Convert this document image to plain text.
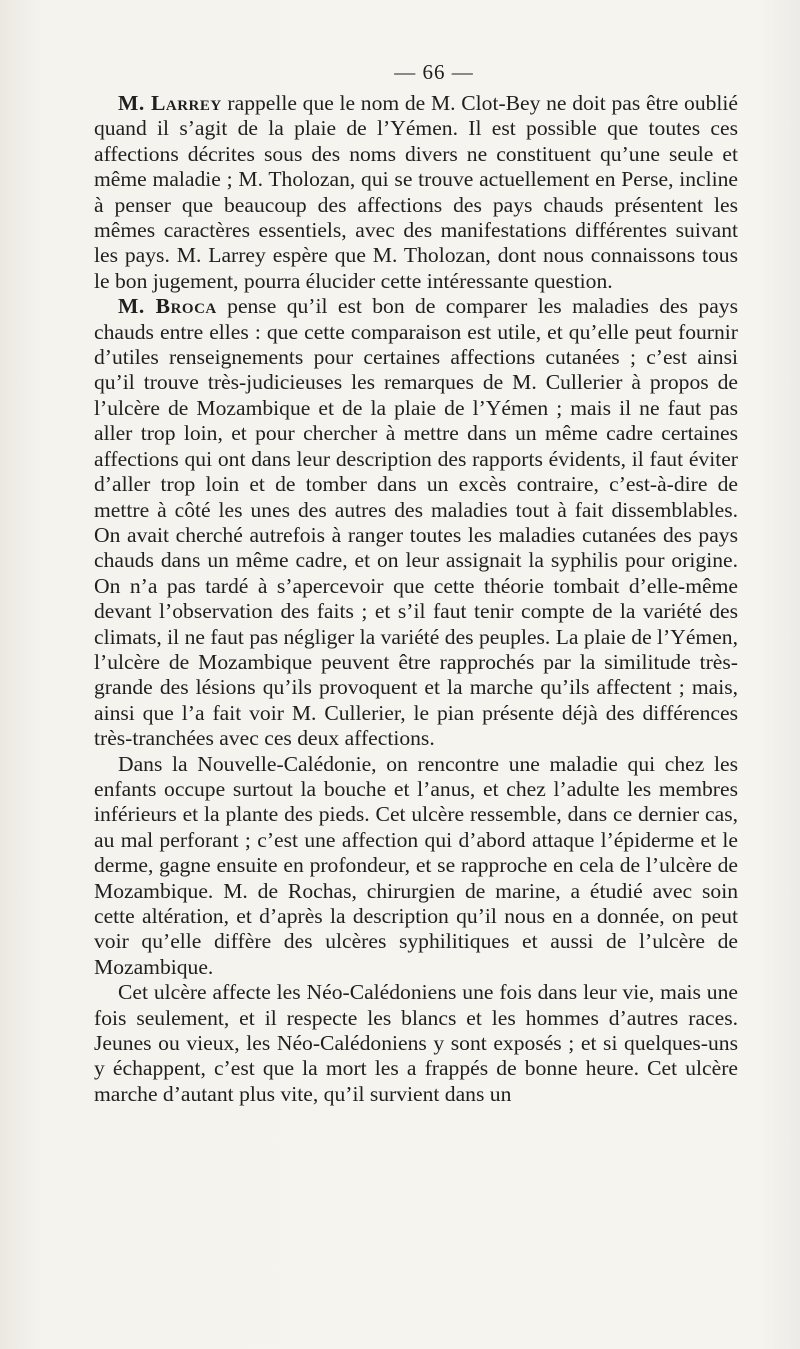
— 66 —

M. Larrey rappelle que le nom de M. Clot-Bey ne doit pas être oublié quand il s’agit de la plaie de l’Yémen. Il est possible que toutes ces affections décrites sous des noms divers ne constituent qu’une seule et même maladie ; M. Tholozan, qui se trouve actuellement en Perse, incline à penser que beaucoup des affections des pays chauds présentent les mêmes caractères essentiels, avec des manifestations différentes suivant les pays. M. Larrey espère que M. Tholozan, dont nous connaissons tous le bon jugement, pourra élucider cette intéressante question.

M. Broca pense qu’il est bon de comparer les maladies des pays chauds entre elles : que cette comparaison est utile, et qu’elle peut fournir d’utiles renseignements pour certaines affections cutanées ; c’est ainsi qu’il trouve très-judicieuses les remarques de M. Cullerier à propos de l’ulcère de Mozambique et de la plaie de l’Yémen ; mais il ne faut pas aller trop loin, et pour chercher à mettre dans un même cadre certaines affections qui ont dans leur description des rapports évidents, il faut éviter d’aller trop loin et de tomber dans un excès contraire, c’est-à-dire de mettre à côté les unes des autres des maladies tout à fait dissemblables. On avait cherché autrefois à ranger toutes les maladies cutanées des pays chauds dans un même cadre, et on leur assignait la syphilis pour origine. On n’a pas tardé à s’apercevoir que cette théorie tombait d’elle-même devant l’observation des faits ; et s’il faut tenir compte de la variété des climats, il ne faut pas négliger la variété des peuples. La plaie de l’Yémen, l’ulcère de Mozambique peuvent être rapprochés par la similitude très-grande des lésions qu’ils provoquent et la marche qu’ils affectent ; mais, ainsi que l’a fait voir M. Cullerier, le pian présente déjà des différences très-tranchées avec ces deux affections.

Dans la Nouvelle-Calédonie, on rencontre une maladie qui chez les enfants occupe surtout la bouche et l’anus, et chez l’adulte les membres inférieurs et la plante des pieds. Cet ulcère ressemble, dans ce dernier cas, au mal perforant ; c’est une affection qui d’abord attaque l’épiderme et le derme, gagne ensuite en profondeur, et se rapproche en cela de l’ulcère de Mozambique. M. de Rochas, chirurgien de marine, a étudié avec soin cette altération, et d’après la description qu’il nous en a donnée, on peut voir qu’elle diffère des ulcères syphilitiques et aussi de l’ulcère de Mozambique.

Cet ulcère affecte les Néo-Calédoniens une fois dans leur vie, mais une fois seulement, et il respecte les blancs et les hommes d’autres races. Jeunes ou vieux, les Néo-Calédoniens y sont exposés ; et si quelques-uns y échappent, c’est que la mort les a frappés de bonne heure. Cet ulcère marche d’autant plus vite, qu’il survient dans un
